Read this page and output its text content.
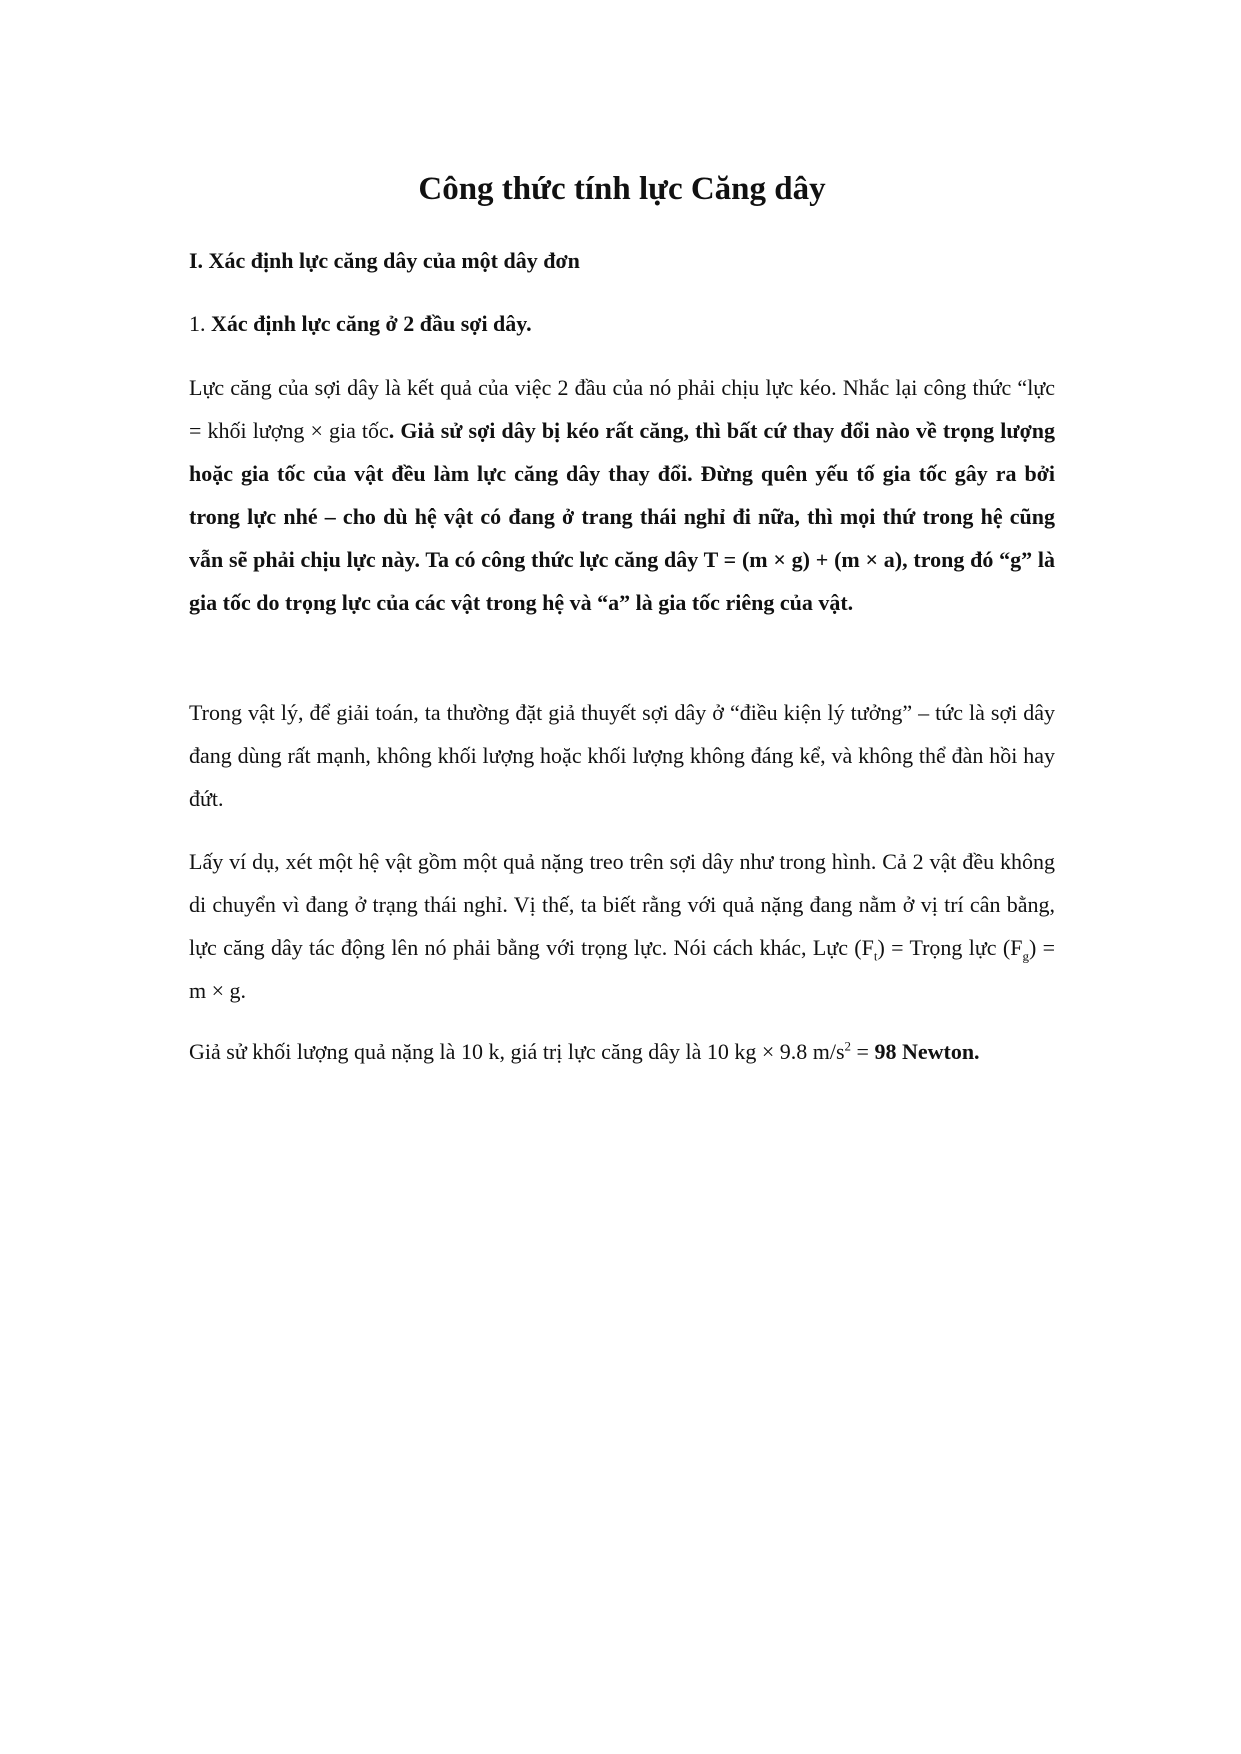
Công thức tính lực Căng dây
I. Xác định lực căng dây của một dây đơn

1. Xác định lực căng ở 2 đầu sợi dây.

Lực căng của sợi dây là kết quả của việc 2 đầu của nó phải chịu lực kéo. Nhắc lại công thức “lực = khối lượng × gia tốc. Giả sử sợi dây bị kéo rất căng, thì bất cứ thay đổi nào về trọng lượng hoặc gia tốc của vật đều làm lực căng dây thay đổi. Đừng quên yếu tố gia tốc gây ra bởi trong lực nhé – cho dù hệ vật có đang ở trang thái nghỉ đi nữa, thì mọi thứ trong hệ cũng vẫn sẽ phải chịu lực này. Ta có công thức lực căng dây T = (m × g) + (m × a), trong đó “g” là gia tốc do trọng lực của các vật trong hệ và “a” là gia tốc riêng của vật.

Trong vật lý, để giải toán, ta thường đặt giả thuyết sợi dây ở “điều kiện lý tưởng” – tức là sợi dây đang dùng rất mạnh, không khối lượng hoặc khối lượng không đáng kể, và không thể đàn hồi hay đứt.

Lấy ví dụ, xét một hệ vật gồm một quả nặng treo trên sợi dây như trong hình. Cả 2 vật đều không di chuyển vì đang ở trạng thái nghỉ. Vị thế, ta biết rằng với quả nặng đang nằm ở vị trí cân bằng, lực căng dây tác động lên nó phải bằng với trọng lực. Nói cách khác, Lực $(F_t)$ = Trọng lực $(F_g) = m \times g$.

Giả sử khối lượng quả nặng là 10 k, giá trị lực căng dây là 10 kg × 9.8 $m/s^2 = 98$ Newton.
